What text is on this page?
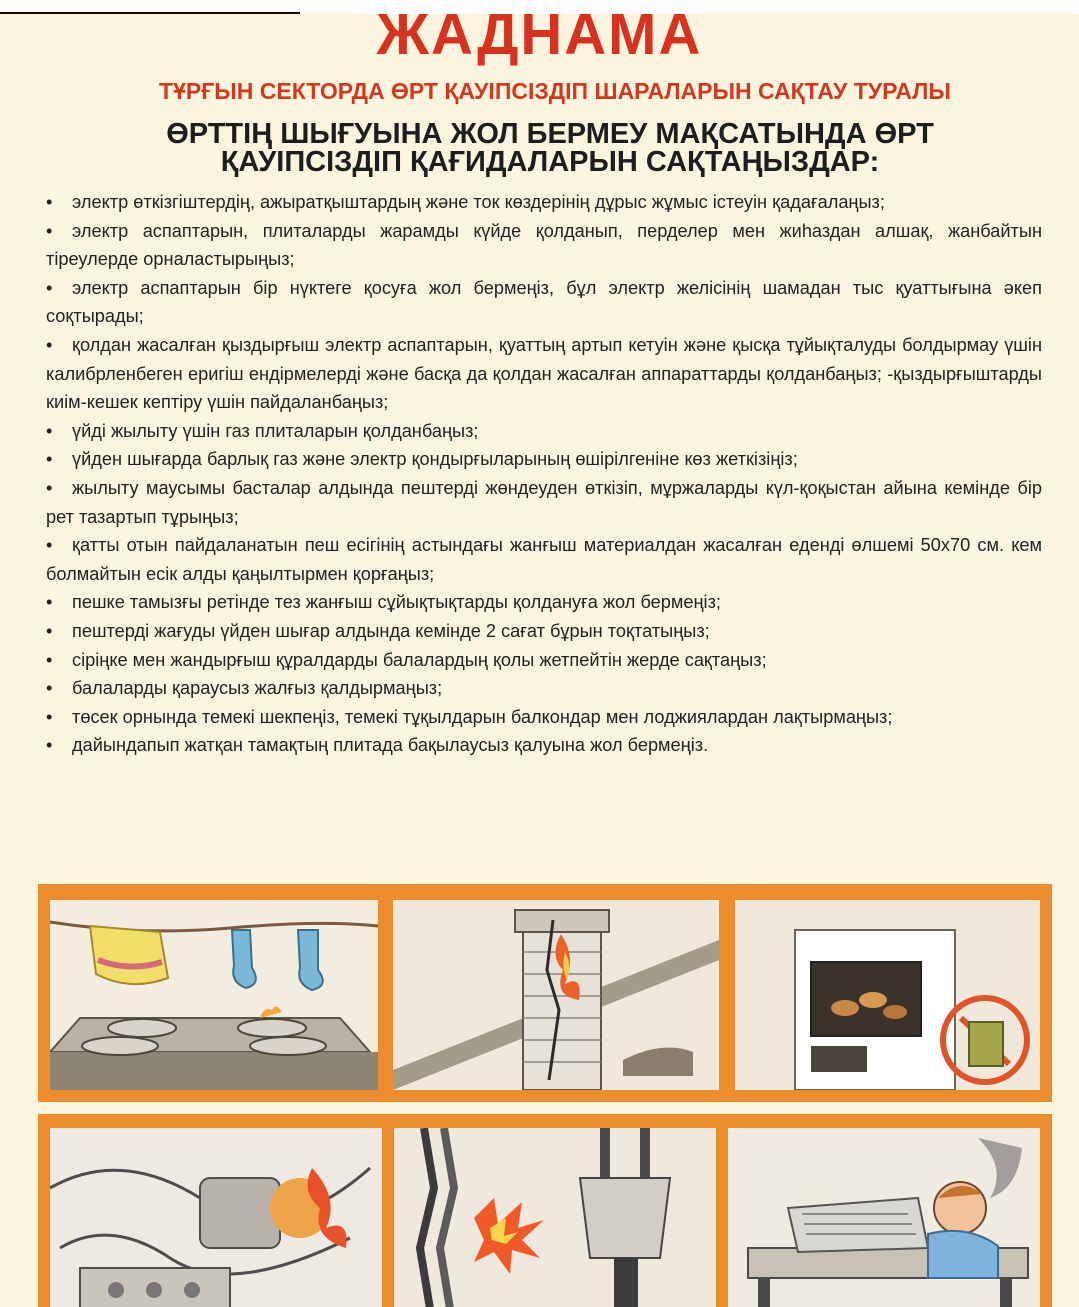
ЖАДНАМА
ТҰРҒЫН СЕКТОРДА ӨРТ ҚАУІПСІЗДІП ШАРАЛАРЫН САҚТАУ ТУРАЛЫ
ӨРТТІҢ ШЫҒУЫНА ЖОЛ БЕРМЕУ МАҚСАТЫНДА ӨРТ
ҚАУІПСІЗДІП ҚАҒИДАЛАРЫН САҚТАҢЫЗДАР:
• электр өткізгіштердің, ажыратқыштардың және ток көздерінің дұрыс жұмыс істеуін қадағалаңыз;
• электр аспаптарын, плиталарды жарамды күйде қолданып, перделер мен жиһаздан алшақ, жанбайтын тіреулерде орналастырыңыз;
• электр аспаптарын бір нүктеге қосуға жол бермеңіз, бұл электр желісінің шамадан тыс қуаттығына әкеп соқтырады;
• қолдан жасалған қыздырғыш электр аспаптарын, қуаттың артып кетуін және қысқа тұйықталуды болдырмау үшін калибрленбеген еригіш ендірмелерді және басқа да қолдан жасалған аппараттарды қолданбаңыз; -қыздырғыштарды киім-кешек кептіру үшін пайдаланбаңыз;
• үйді жылыту үшін газ плиталарын қолданбаңыз;
• үйден шығарда барлық газ және электр қондырғыларының өшірілгеніне көз жеткізіңіз;
• жылыту маусымы басталар алдында пештерді жөндеуден өткізіп, мұржаларды күл-қоқыстан айына кемінде бір рет тазартып тұрыңыз;
• қатты отын пайдаланатын пеш есігінің астындағы жанғыш материалдан жасалған еденді өлшемі 50х70 см. кем болмайтын есік алды қаңылтырмен қорғаңыз;
• пешке тамызғы ретінде тез жанғыш сұйықтықтарды қолдануға жол бермеңіз;
• пештерді жағуды үйден шығар алдында кемінде 2 сағат бұрын тоқтатыңыз;
• сіріңке мен жандырғыш құралдарды балалардың қолы жетпейтін жерде сақтаңыз;
• балаларды қараусыз жалғыз қалдырмаңыз;
• төсек орнында темекі шекпеңіз, темекі тұқылдарын балкондар мен лоджиялардан лақтырмаңыз;
• дайындапып жатқан тамақтың плитада бақылаусыз қалуына жол бермеңіз.
